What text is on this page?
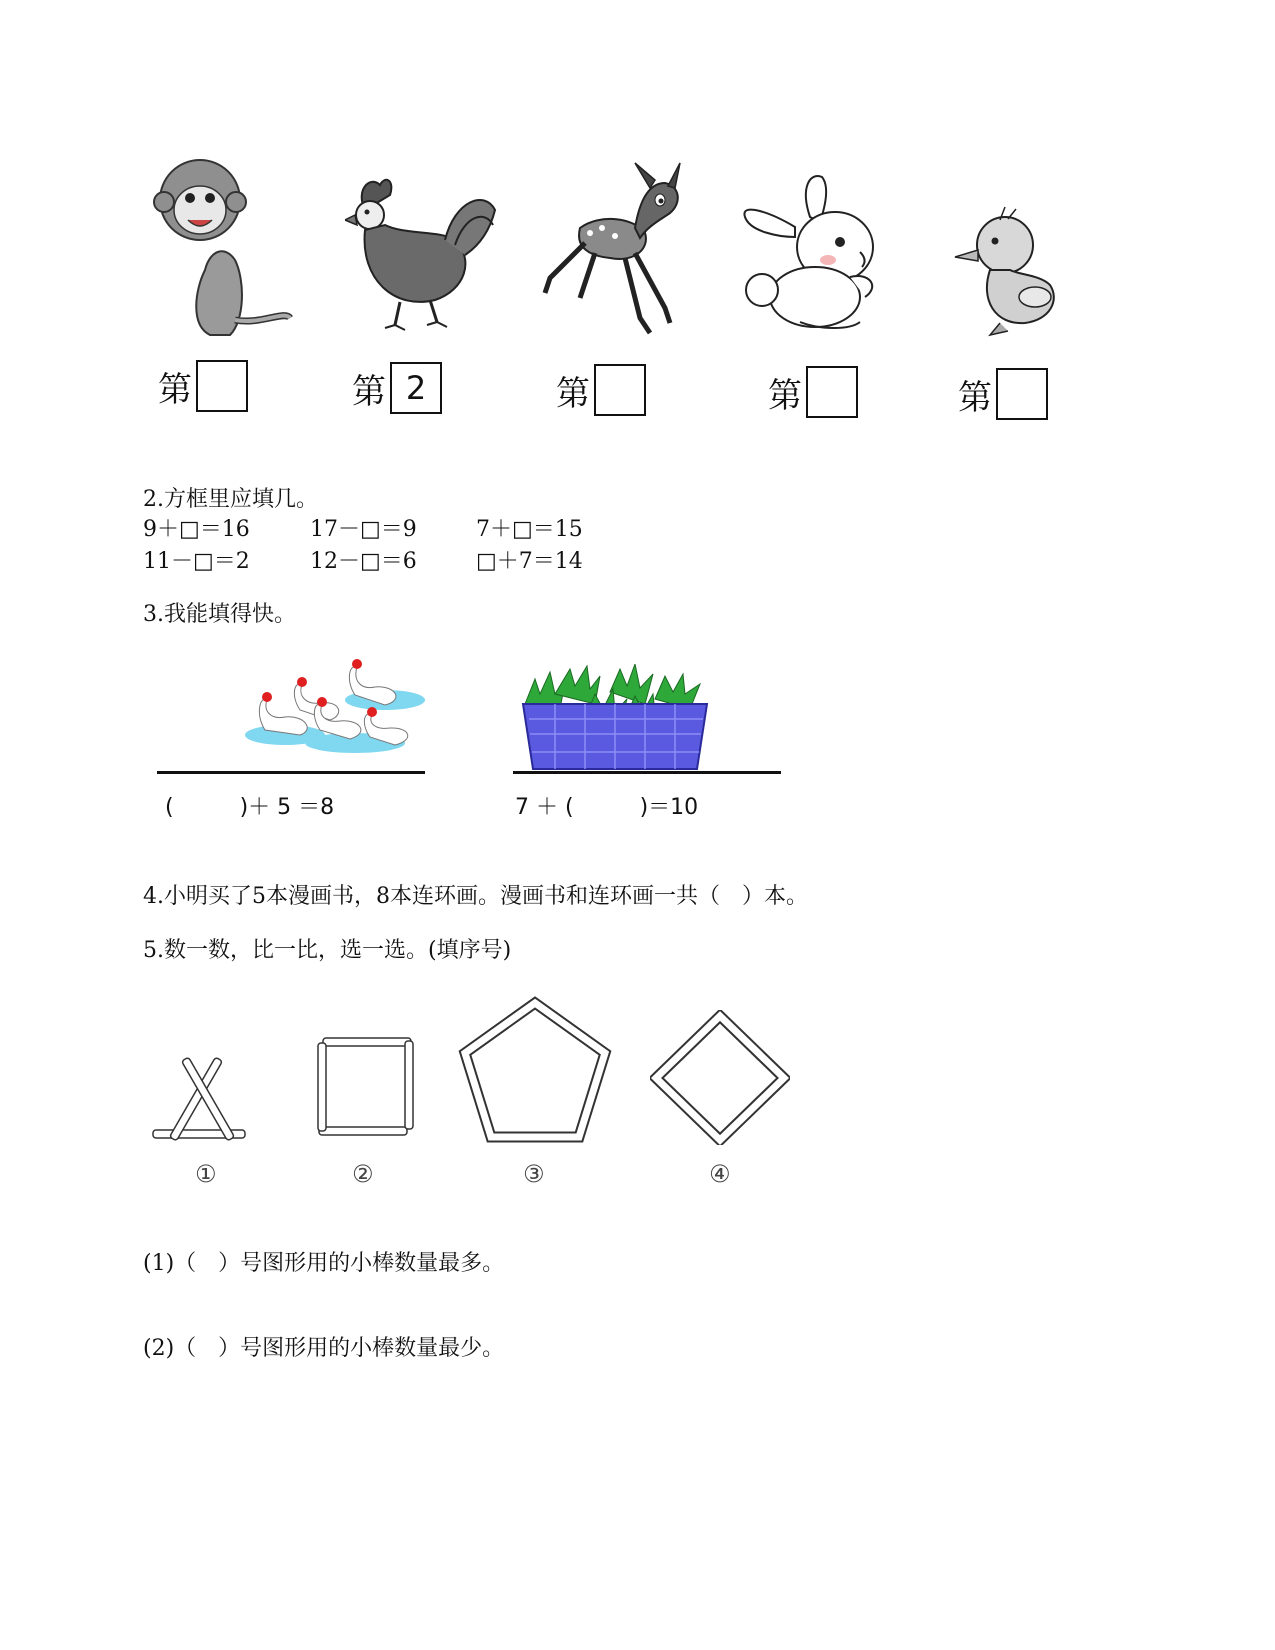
第	第 2	第	第	第
2.方框里应填几。
9＋□＝16	17－□＝9	7＋□＝15
11－□＝2	12－□＝6	□＋7＝14
3.我能填得快。
(　　　)＋ 5 ＝8	7 ＋ (　　　)＝10
4.小明买了5本漫画书，8本连环画。漫画书和连环画一共（　）本。
5.数一数，比一比，选一选。(填序号)
①	②	③	④
(1)（　）号图形用的小棒数量最多。
(2)（　）号图形用的小棒数量最少。
